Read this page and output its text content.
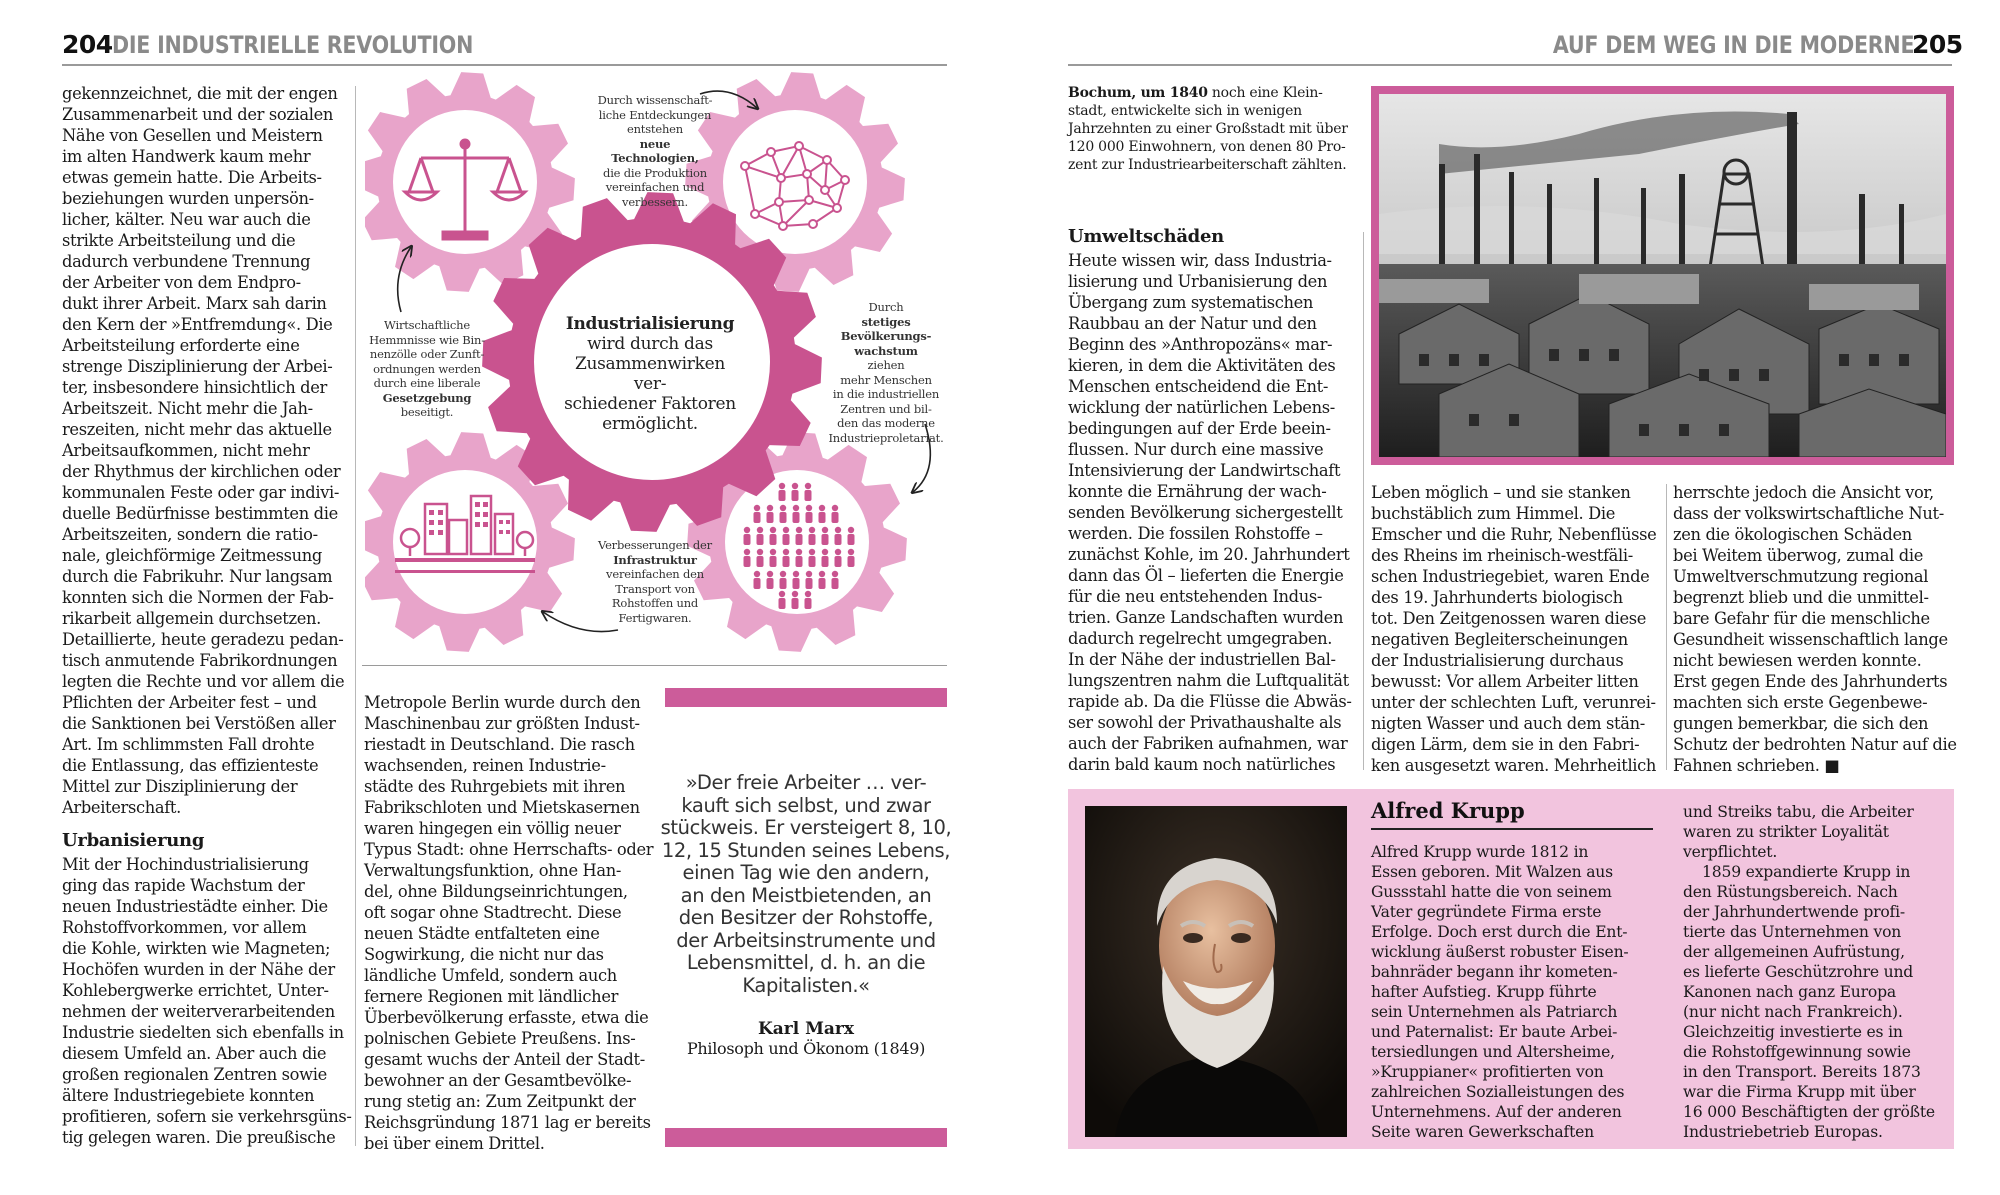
204 DIE INDUSTRIELLE REVOLUTION	AUF DEM WEG IN DIE MODERNE
205

gekennzeichnet, die mit der engen

Zusammenarbeit und der sozialen

Nähe von Gesellen und Meistern

im alten Handwerk kaum mehr

etwas gemein hatte. Die Arbeits-

beziehungen wurden unpersön-

licher, kälter. Neu war auch die

strikte Arbeitsteilung und die

dadurch verbundene Trennung

der Arbeiter von dem Endpro-

dukt ihrer Arbeit. Marx sah darin

den Kern der »Entfremdung«. Die

Arbeitsteilung erforderte eine

strenge Disziplinierung der Arbei-

ter, insbesondere hinsichtlich der

Arbeitszeit. Nicht mehr die Jah-

reszeiten, nicht mehr das aktuelle

Arbeitsaufkommen, nicht mehr

der Rhythmus der kirchlichen oder

kommunalen Feste oder gar indivi-

duelle Bedürfnisse bestimmten die

Arbeitszeiten, sondern die ratio-

nale, gleichförmige Zeitmessung

durch die Fabrikuhr. Nur langsam

konnten sich die Normen der Fab-

rikarbeit allgemein durchsetzen.

Detaillierte, heute geradezu pedan-

tisch anmutende Fabrikordnungen

legten die Rechte und vor allem die

Pflichten der Arbeiter fest – und

die Sanktionen bei Verstößen aller

Art. Im schlimmsten Fall drohte

die Entlassung, das effizienteste

Mittel zur Disziplinierung der

Arbeiterschaft.

Urbanisierung

Mit der Hochindustrialisierung

ging das rapide Wachstum der

neuen Industriestädte einher. Die

Rohstoffvorkommen, vor allem

die Kohle, wirkten wie Magneten;

Hochöfen wurden in der Nähe der

Kohlebergwerke errichtet, Unter-

nehmen der weiterverarbeitenden

Industrie siedelten sich ebenfalls in

diesem Umfeld an. Aber auch die

großen regionalen Zentren sowie

ältere Industriegebiete konnten

profitieren, sofern sie verkehrsgüns-

tig gelegen waren. Die preußische

Durch wissenschaft-
liche Entdeckungen
entstehen
neue
Technologien,
die die Produktion
vereinfachen und
verbessern.
Durch
stetiges
Bevölkerungs-
wachstum
ziehen
mehr Menschen
in die industriellen
Zentren und bil-
den das moderne
Industrieproletariat.
Verbesserungen der
Infrastruktur
vereinfachen den
Transport von
Rohstoffen und
Fertigwaren.
Wirtschaftliche
Hemmnisse wie Bin-
nenzölle oder Zunft-
ordnungen werden
durch eine liberale
Gesetzgebung
beseitigt.
Industrialisierung
wird durch das
Zusammenwirken ver-
schiedener Faktoren
ermöglicht.

Metropole Berlin wurde durch den

Maschinenbau zur größten Indust-

riestadt in Deutschland. Die rasch

wachsenden, reinen Industrie-

städte des Ruhrgebiets mit ihren

Fabrikschloten und Mietskasernen

waren hingegen ein völlig neuer

Typus Stadt: ohne Herrschafts- oder

Verwaltungsfunktion, ohne Han-

del, ohne Bildungseinrichtungen,

oft sogar ohne Stadtrecht. Diese

neuen Städte entfalteten eine

Sogwirkung, die nicht nur das

ländliche Umfeld, sondern auch

fernere Regionen mit ländlicher

Überbevölkerung erfasste, etwa die

polnischen Gebiete Preußens. Ins-

gesamt wuchs der Anteil der Stadt-

bewohner an der Gesamtbevölke-

rung stetig an: Zum Zeitpunkt der

Reichsgründung 1871 lag er bereits

bei über einem Drittel.

»Der freie Arbeiter … ver-

kauft sich selbst, und zwar

stückweis. Er versteigert 8, 10,

12, 15 Stunden seines Lebens,

einen Tag wie den andern,

an den Meistbietenden, an

den Besitzer der Rohstoffe,

der Arbeitsinstrumente und

Lebensmittel, d. h. an die

Kapitalisten.«

Karl Marx
Philosoph und Ökonom (1849)

Bochum, um 1840 noch eine Klein-

stadt, entwickelte sich in wenigen

Jahrzehnten zu einer Großstadt mit über

120 000 Einwohnern, von denen 80 Pro-

zent zur Industriearbeiterschaft zählten.

Umweltschäden

Heute wissen wir, dass Industria-

lisierung und Urbanisierung den

Übergang zum systematischen

Raubbau an der Natur und den

Beginn des »Anthropozäns« mar-

kieren, in dem die Aktivitäten des

Menschen entscheidend die Ent-

wicklung der natürlichen Lebens-

bedingungen auf der Erde beein-

flussen. Nur durch eine massive

Intensivierung der Landwirtschaft

konnte die Ernährung der wach-

senden Bevölkerung sichergestellt

werden. Die fossilen Rohstoffe –

zunächst Kohle, im 20. Jahrhundert

dann das Öl – lieferten die Energie

für die neu entstehenden Indus-

trien. Ganze Landschaften wurden

dadurch regelrecht umgegraben.

In der Nähe der industriellen Bal-

lungszentren nahm die Luftqualität

rapide ab. Da die Flüsse die Abwäs-

ser sowohl der Privathaushalte als

auch der Fabriken aufnahmen, war

darin bald kaum noch natürliches

Leben möglich – und sie stanken

buchstäblich zum Himmel. Die

Emscher und die Ruhr, Nebenflüsse

des Rheins im rheinisch-westfäli-

schen Industriegebiet, waren Ende

des 19. Jahrhunderts biologisch

tot. Den Zeitgenossen waren diese

negativen Begleiterscheinungen

der Industrialisierung durchaus

bewusst: Vor allem Arbeiter litten

unter der schlechten Luft, verunrei-

nigten Wasser und auch dem stän-

digen Lärm, dem sie in den Fabri-

ken ausgesetzt waren. Mehrheitlich

herrschte jedoch die Ansicht vor,

dass der volkswirtschaftliche Nut-

zen die ökologischen Schäden

bei Weitem überwog, zumal die

Umweltverschmutzung regional

begrenzt blieb und die unmittel-

bare Gefahr für die menschliche

Gesundheit wissenschaftlich lange

nicht bewiesen werden konnte.

Erst gegen Ende des Jahrhunderts

machten sich erste Gegenbewe-

gungen bemerkbar, die sich den

Schutz der bedrohten Natur auf die

Fahnen schrieben. ■

Alfred Krupp

Alfred Krupp wurde 1812 in

Essen geboren. Mit Walzen aus

Gussstahl hatte die von seinem

Vater gegründete Firma erste

Erfolge. Doch erst durch die Ent-

wicklung äußerst robuster Eisen-

bahnräder begann ihr kometen-

hafter Aufstieg. Krupp führte

sein Unternehmen als Patriarch

und Paternalist: Er baute Arbei-

tersiedlungen und Altersheime,

»Kruppianer« profitierten von

zahlreichen Sozialleistungen des

Unternehmens. Auf der anderen

Seite waren Gewerkschaften

und Streiks tabu, die Arbeiter

waren zu strikter Loyalität

verpflichtet.

1859 expandierte Krupp in

den Rüstungsbereich. Nach

der Jahrhundertwende profi-

tierte das Unternehmen von

der allgemeinen Aufrüstung,

es lieferte Geschützrohre und

Kanonen nach ganz Europa

(nur nicht nach Frankreich).

Gleichzeitig investierte es in

die Rohstoffgewinnung sowie

in den Transport. Bereits 1873

war die Firma Krupp mit über

16 000 Beschäftigten der größte

Industriebetrieb Europas.
